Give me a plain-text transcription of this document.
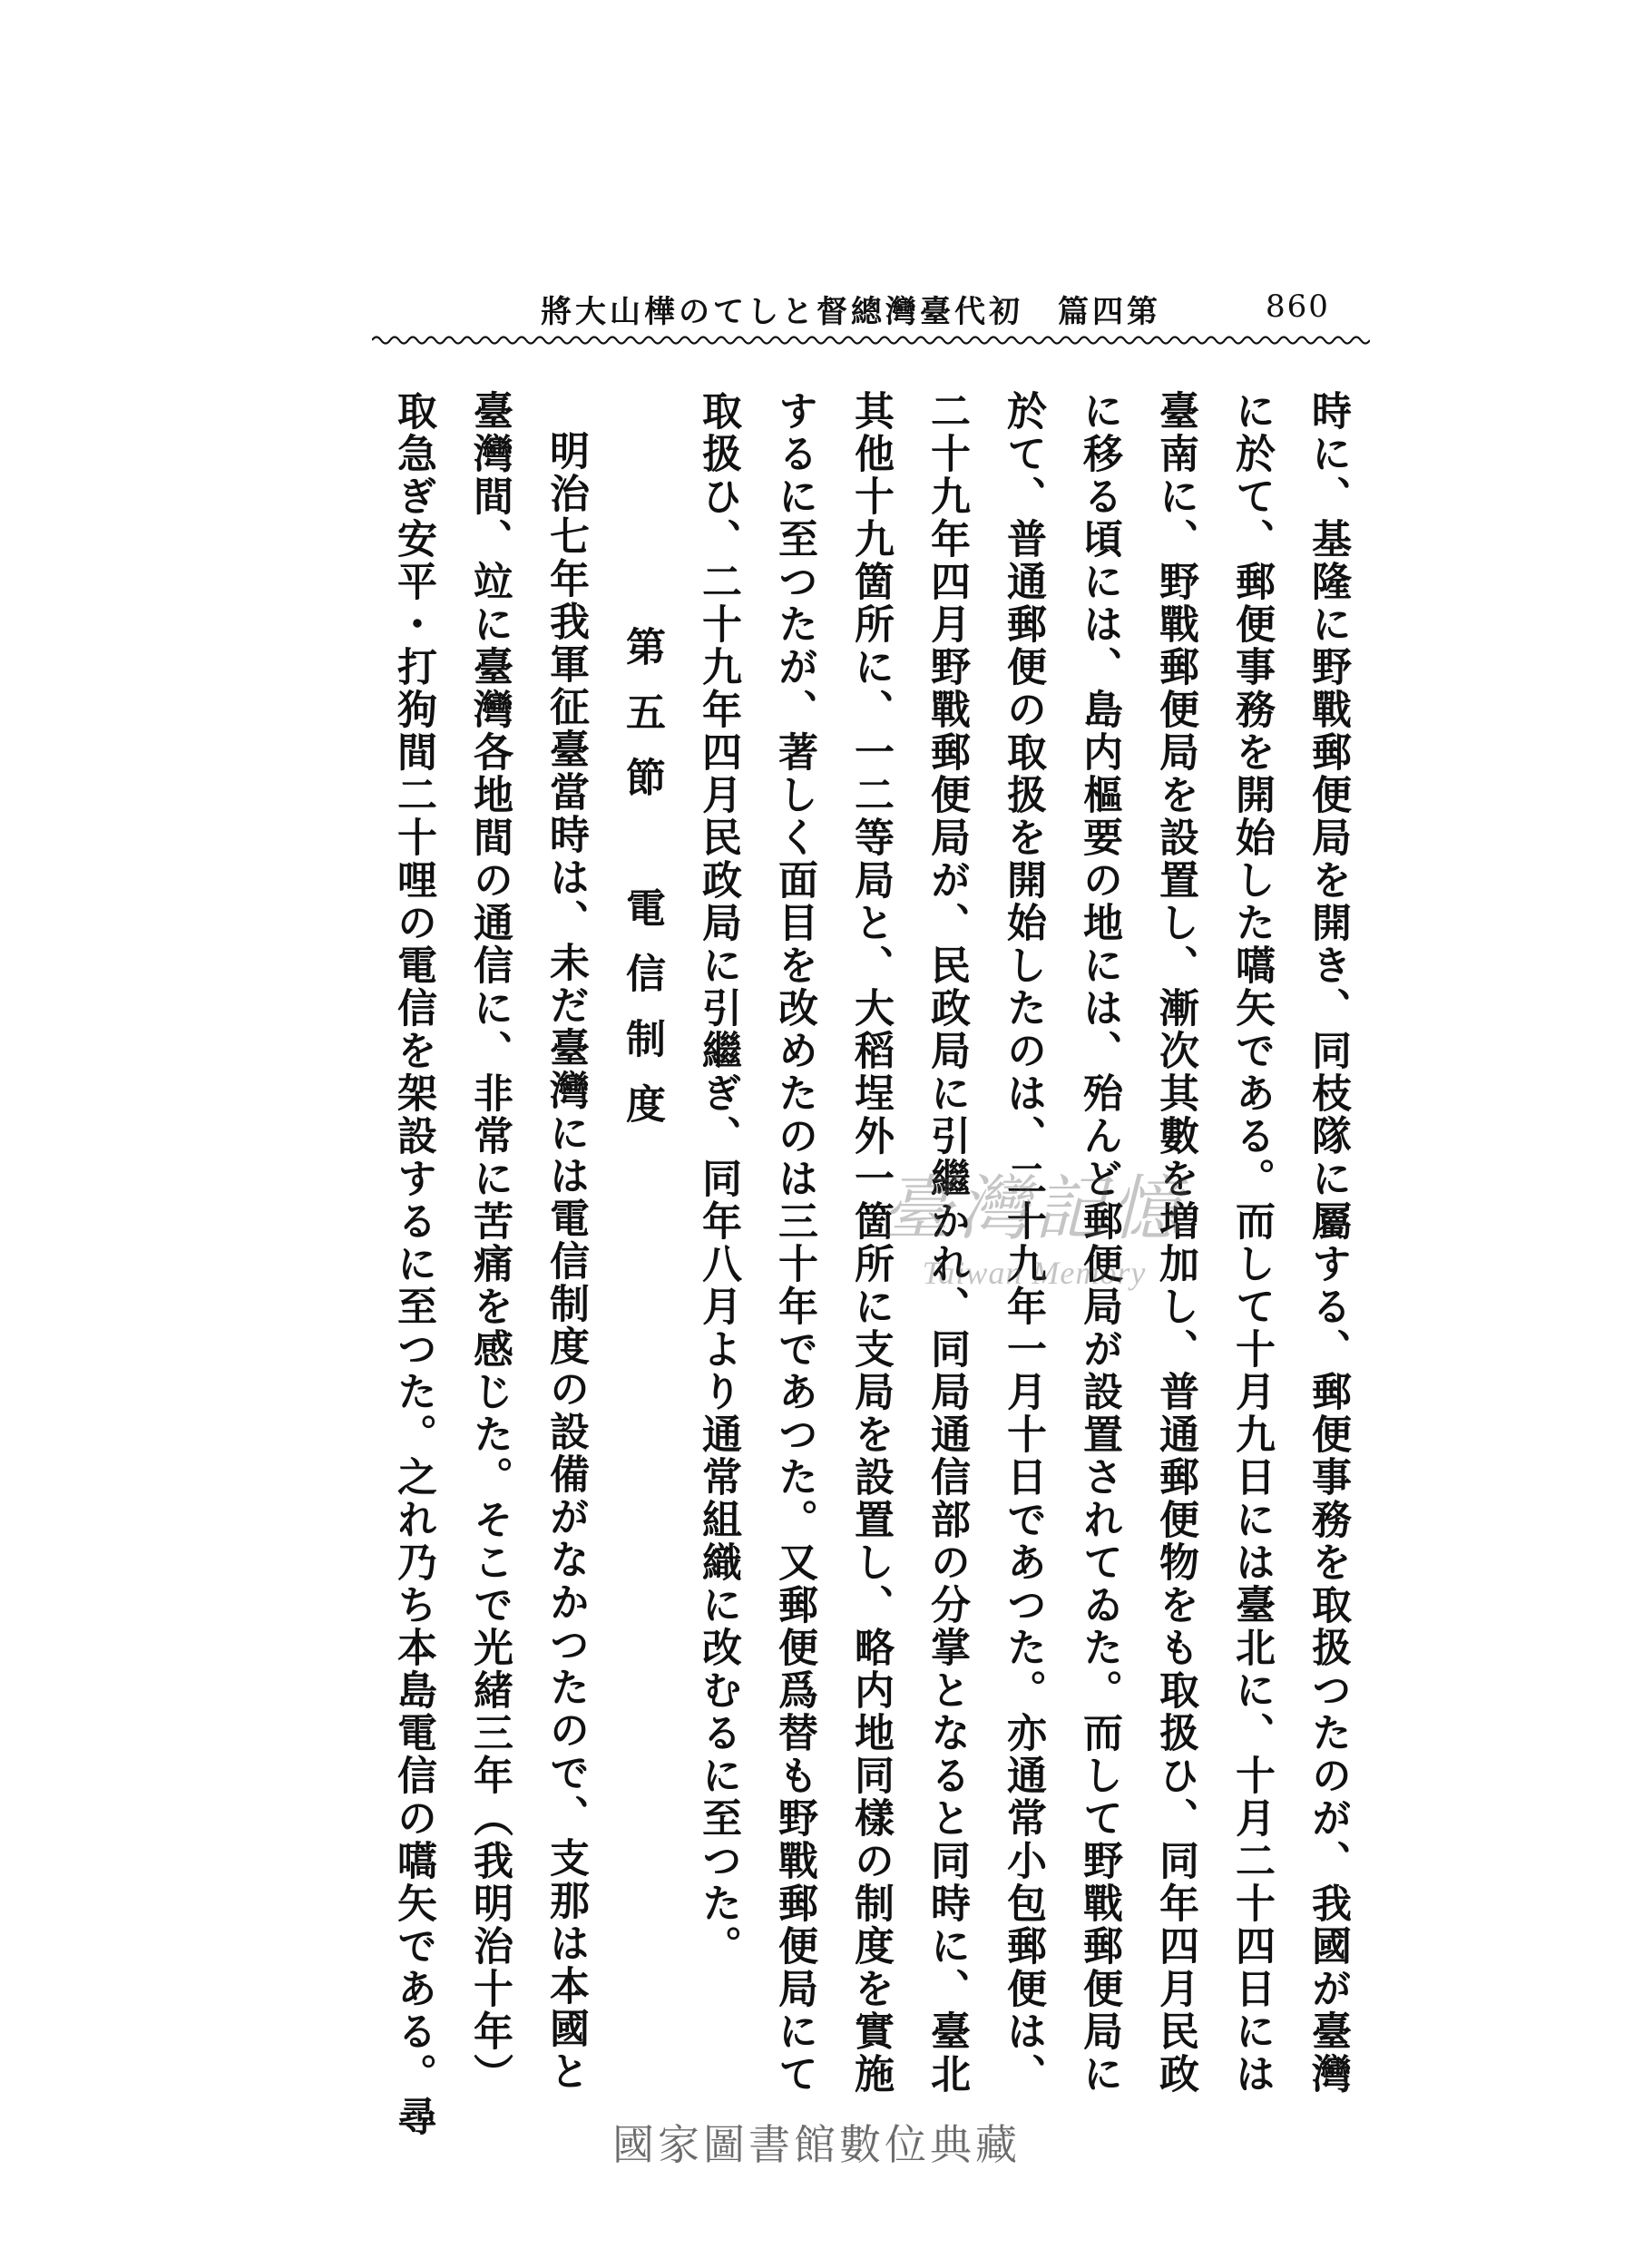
860
第四篇　初代臺灣總督としての樺山大將
時に、基隆に野戰郵便局を開き、同枝隊に屬する、郵便事務を取扱つたのが、我國が臺灣
に於て、郵便事務を開始した嚆矢である。而して十月九日には臺北に、十月二十四日には
臺南に、野戰郵便局を設置し、漸次其數を増加し、普通郵便物をも取扱ひ、同年四月民政
に移る頃には、島内樞要の地には、殆んど郵便局が設置されてゐた。而して野戰郵便局に
於て、普通郵便の取扱を開始したのは、二十九年一月十日であつた。亦通常小包郵便は、
二十九年四月野戰郵便局が、民政局に引繼かれ、同局通信部の分掌となると同時に、臺北
其他十九箇所に、一二等局と、大稻埕外一箇所に支局を設置し、略内地同樣の制度を實施
するに至つたが、著しく面目を改めたのは三十年であつた。又郵便爲替も野戰郵便局にて
取扱ひ、二十九年四月民政局に引繼ぎ、同年八月より通常組織に改むるに至つた。
第五節　電信制度
明治七年我軍征臺當時は、未だ臺灣には電信制度の設備がなかつたので、支那は本國と
臺灣間、竝に臺灣各地間の通信に、非常に苦痛を感じた。そこで光緒三年（我明治十年）
取急ぎ安平・打狗間二十哩の電信を架設するに至つた。之れ乃ち本島電信の嚆矢である。尋	臺灣記憶
Taiwan Memory
國家圖書館數位典藏
